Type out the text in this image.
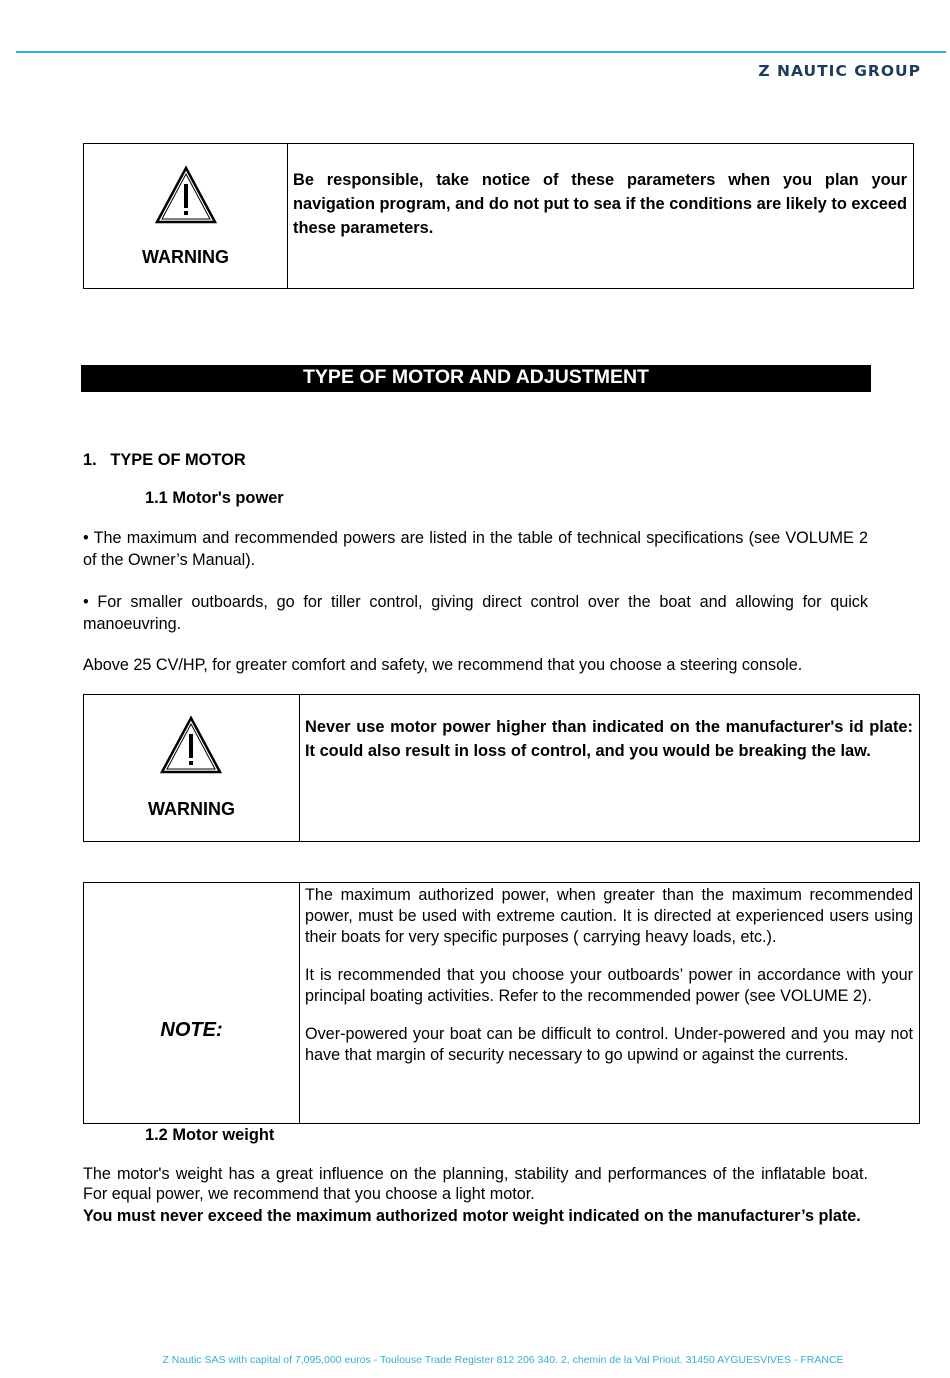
Z NAUTIC GROUP
WARNING
Be responsible, take notice of these parameters when you plan your navigation program, and do not put to sea if the conditions are likely to exceed these parameters.
TYPE OF MOTOR AND ADJUSTMENT
1.   TYPE OF MOTOR
1.1 Motor's power
• The maximum and recommended powers are listed in the table of technical specifications (see VOLUME 2 of the Owner’s Manual).
• For smaller outboards, go for tiller control, giving direct control over the boat and allowing for quick manoeuvring.
Above 25 CV/HP, for greater comfort and safety, we recommend that you choose a steering console.
WARNING
Never use motor power higher than indicated on the manufacturer's id plate: It could also result in loss of control, and you would be breaking the law.
NOTE:

The maximum authorized power, when greater than the maximum recommended power, must be used with extreme caution. It is directed at experienced users using their boats for very specific purposes ( carrying heavy loads, etc.).

It is recommended that you choose your outboards’ power in accordance with your principal boating activities. Refer to the recommended power (see VOLUME 2).

Over-powered your boat can be difficult to control. Under-powered and you may not have that margin of security necessary to go upwind or against the currents.

1.2 Motor weight
The motor's weight has a great influence on the planning, stability and performances of the inflatable boat. For equal power, we recommend that you choose a light motor.
You must never exceed the maximum authorized motor weight indicated on the manufacturer’s plate.
Z Nautic SAS with capital of 7,095,000 euros - Toulouse Trade Register 812 206 340. 2, chemin de la Val Priout. 31450 AYGUESVIVES - FRANCE
